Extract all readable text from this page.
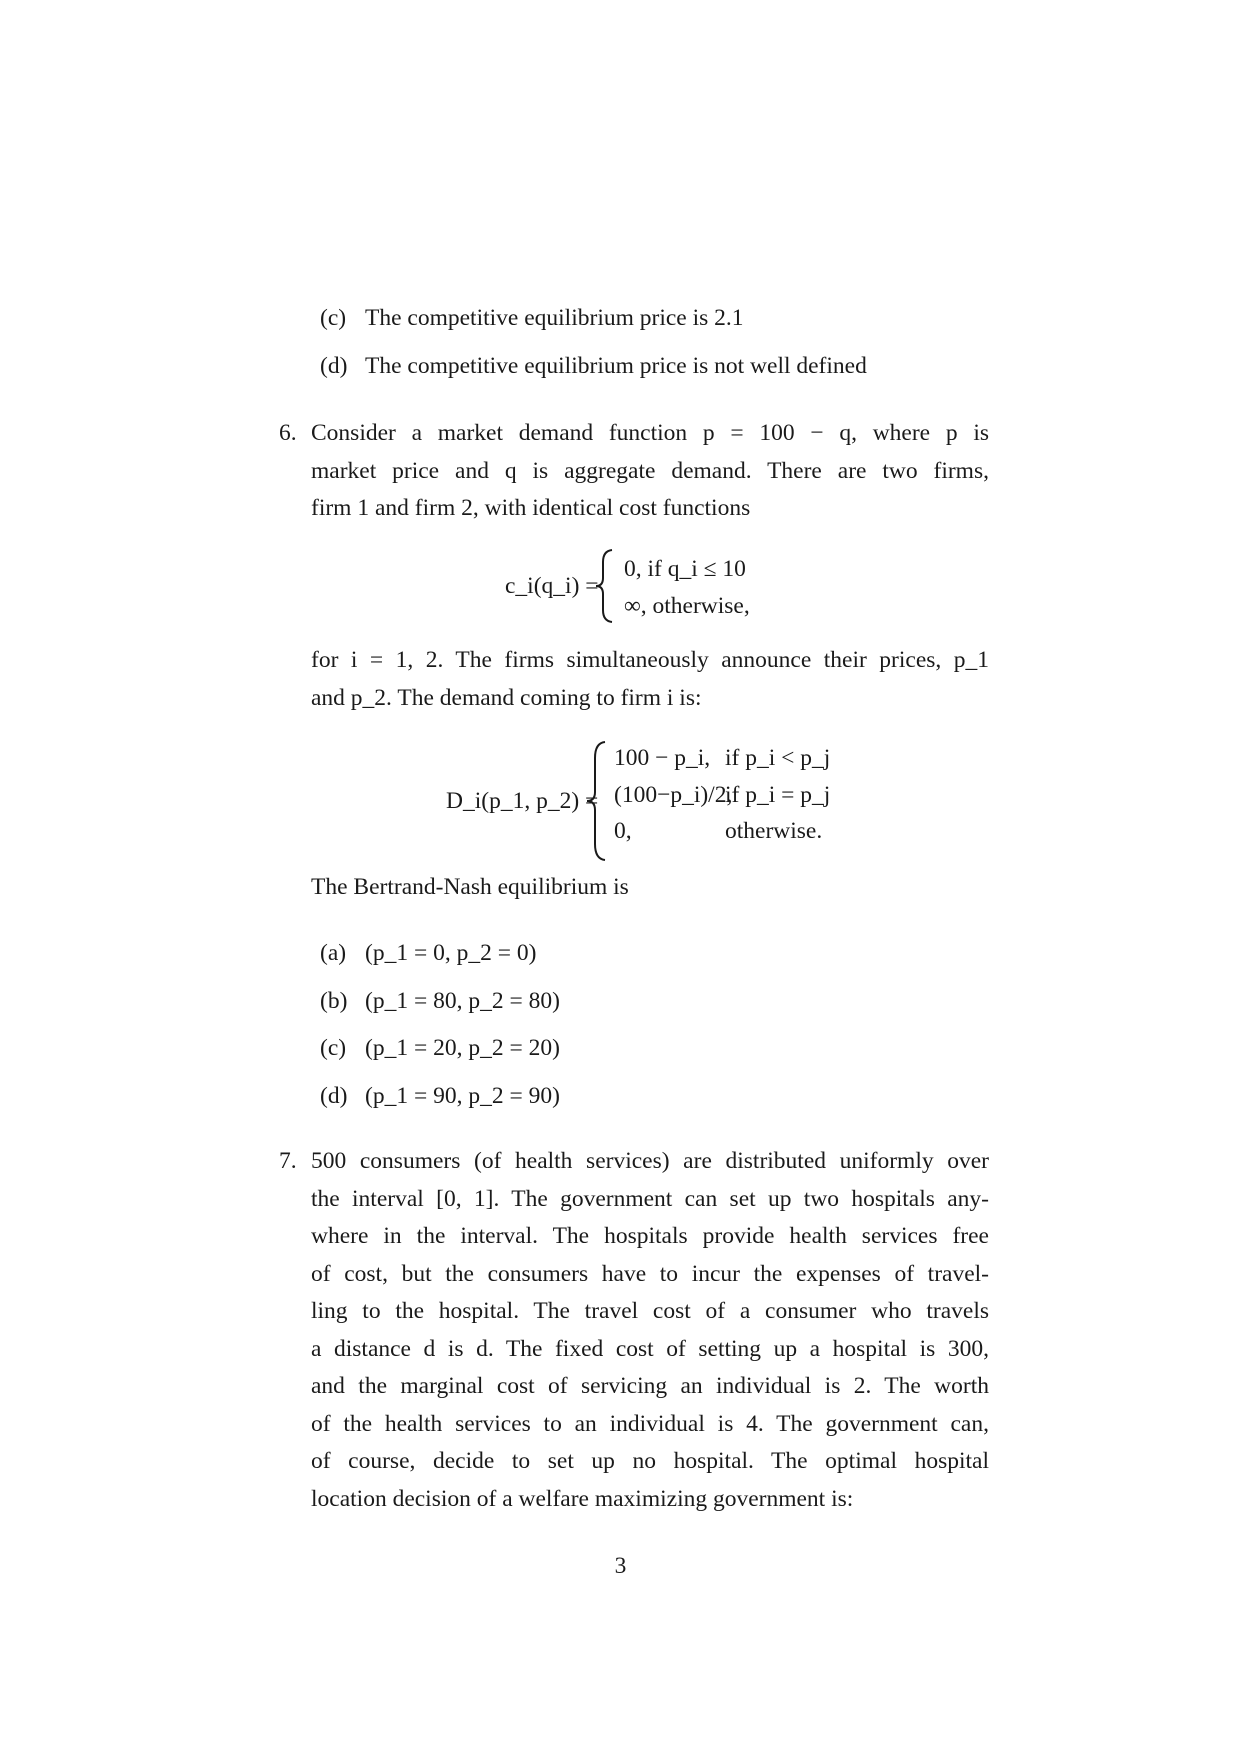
(c) The competitive equilibrium price is 2.1
(d) The competitive equilibrium price is not well defined
6. Consider a market demand function p = 100 − q, where p is
market price and q is aggregate demand. There are two firms,
firm 1 and firm 2, with identical cost functions
c_i(q_i) =
0, if q_i ≤ 10
∞, otherwise,
for i = 1, 2. The firms simultaneously announce their prices, p_1
and p_2. The demand coming to firm i is:
D_i(p_1, p_2) =
100 − p_i, if p_i < p_j
(100−p_i)/2,
if p_i = p_j
0,	otherwise.
The Bertrand-Nash equilibrium is
(a) (p_1 = 0, p_2 = 0)
(b) (p_1 = 80, p_2 = 80)
(c) (p_1 = 20, p_2 = 20)
(d) (p_1 = 90, p_2 = 90)
7. 500 consumers (of health services) are distributed uniformly over
the interval [0, 1]. The government can set up two hospitals any-
where in the interval. The hospitals provide health services free
of cost, but the consumers have to incur the expenses of travel-
ling to the hospital. The travel cost of a consumer who travels
a distance d is d. The fixed cost of setting up a hospital is 300,
and the marginal cost of servicing an individual is 2. The worth
of the health services to an individual is 4. The government can,
of course, decide to set up no hospital. The optimal hospital
location decision of a welfare maximizing government is:
3
